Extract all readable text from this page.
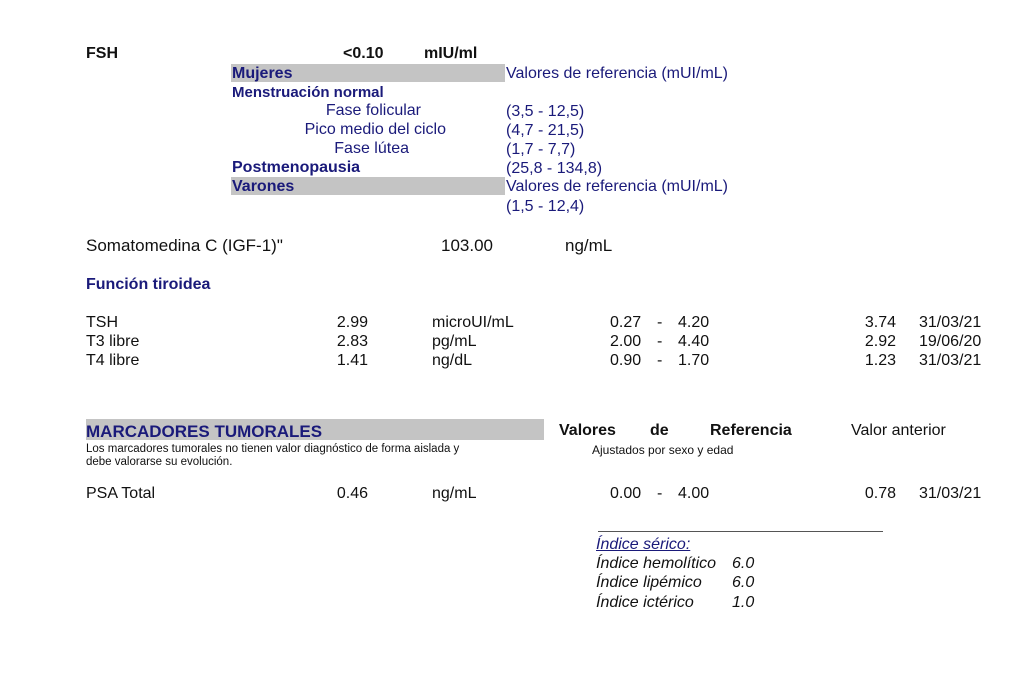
FSH	<0.10	mIU/ml
Mujeres	Valores de referencia (mUI/mL)
Menstruación normal
Fase folicular	(3,5 - 12,5)
Pico medio del ciclo	(4,7 - 21,5)
Fase lútea	(1,7 - 7,7)
Postmenopausia	(25,8 - 134,8)
Varones	Valores de referencia (mUI/mL)
(1,5 - 12,4)
Somatomedina C (IGF-1)"	103.00	ng/mL
Función tiroidea
TSH	2.99	microUI/mL	0.27 - 4.20	3.74 31/03/21
T3 libre	2.83	pg/mL	2.00 - 4.40	2.92 19/06/20
T4 libre	1.41	ng/dL	0.90 - 1.70	1.23 31/03/21
MARCADORES TUMORALES	Valores de	Referencia	Valor anterior
Ajustados por sexo y edad
Los marcadores tumorales no tienen valor diagnóstico de forma aislada y
debe valorarse su evolución.
PSA Total	0.46	ng/mL	0.00 - 4.00	0.78 31/03/21
Índice sérico:
Índice hemolítico 6.0
Índice lipémico 6.0
Índice ictérico 1.0
